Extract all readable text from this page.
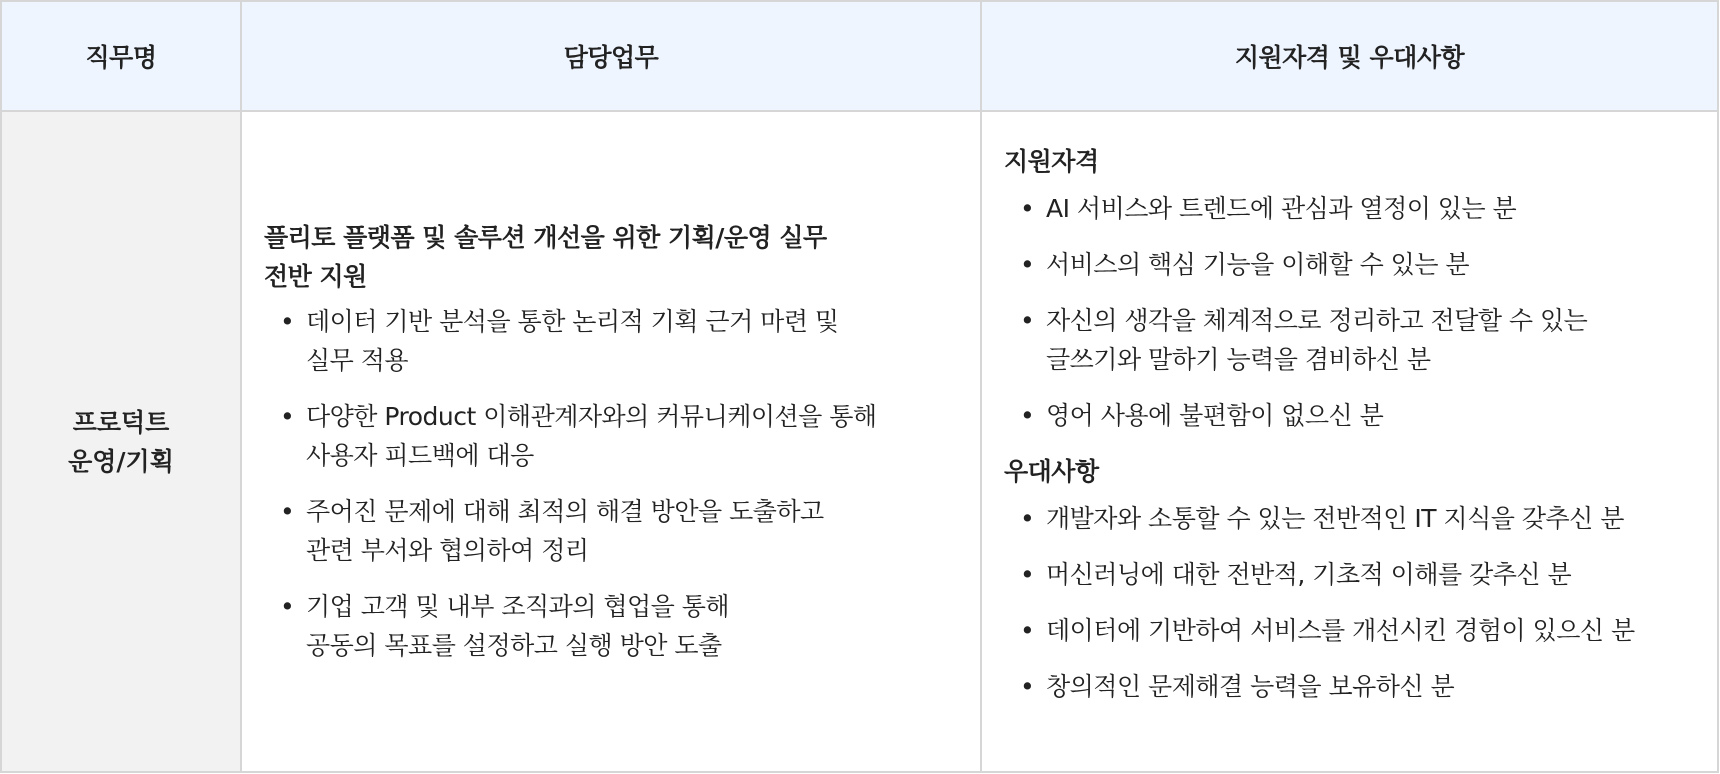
직무명	담당업무	지원자격 및 우대사항
프로덕트
운영/기획
플리토 플랫폼 및 솔루션 개선을 위한 기획/운영 실무
전반 지원
• 데이터 기반 분석을 통한 논리적 기획 근거 마련 및
실무 적용
• 다양한 Product 이해관계자와의 커뮤니케이션을 통해
사용자 피드백에 대응
• 주어진 문제에 대해 최적의 해결 방안을 도출하고
관련 부서와 협의하여 정리
• 기업 고객 및 내부 조직과의 협업을 통해
공동의 목표를 설정하고 실행 방안 도출
지원자격
• AI 서비스와 트렌드에 관심과 열정이 있는 분
• 서비스의 핵심 기능을 이해할 수 있는 분
• 자신의 생각을 체계적으로 정리하고 전달할 수 있는
글쓰기와 말하기 능력을 겸비하신 분
• 영어 사용에 불편함이 없으신 분
우대사항
• 개발자와 소통할 수 있는 전반적인 IT 지식을 갖추신 분
• 머신러닝에 대한 전반적, 기초적 이해를 갖추신 분
• 데이터에 기반하여 서비스를 개선시킨 경험이 있으신 분
• 창의적인 문제해결 능력을 보유하신 분
